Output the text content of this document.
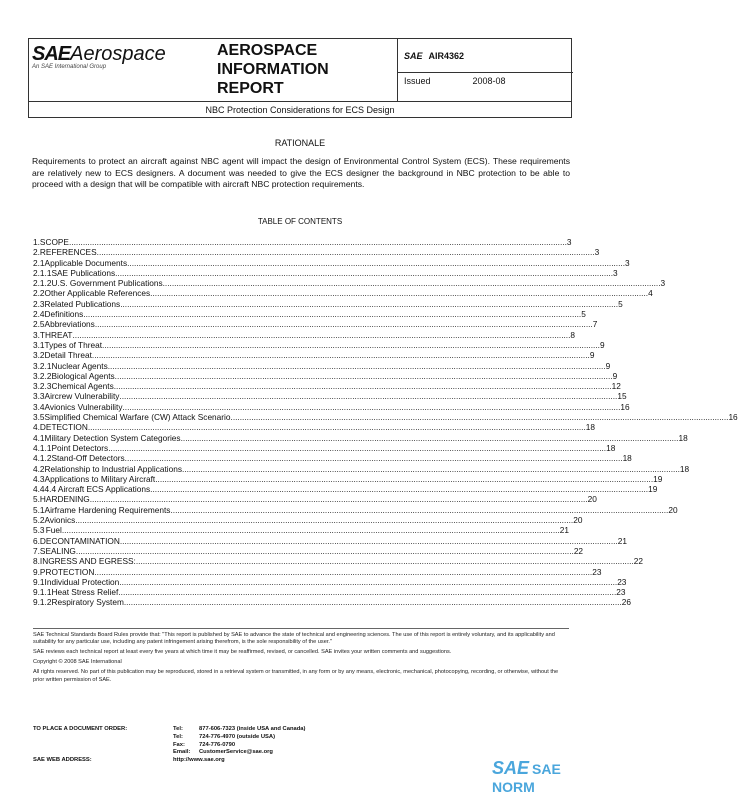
SAEAerospace
An SAE International Group
AEROSPACE
INFORMATION
REPORT
SAE AIR4362
Issued	2008-08
NBC Protection Considerations for ECS Design
RATIONALE
Requirements to protect an aircraft against NBC agent will impact the design of Environmental Control System (ECS). These requirements are relatively new to ECS designers. A document was needed to give the ECS designer the background in NBC protection to be able to proceed with a design that will be compatible with aircraft NBC protection requirements.
TABLE OF CONTENTS
1. SCOPE .....	3
2. REFERENCES .....	3
2.1 Applicable Documents .....	3
2.1.1 SAE Publications .....	3
2.1.2 U.S. Government Publications .....	3
2.2 Other Applicable References .....	4
2.3 Related Publications .....	5
2.4 Definitions .....	5
2.5 Abbreviations .....	7
3. THREAT .....	8
3.1 Types of Threat .....	9
3.2 Detail Threat .....	9
3.2.1 Nuclear Agents .....	9
3.2.2 Biological Agents .....	9
3.2.3 Chemical Agents .....	12
3.3 Aircrew Vulnerability .....	15
3.4 Avionics Vulnerability .....	16
3.5 Simplified Chemical Warfare (CW) Attack Scenario .....	16
4. DETECTION .....	18
4.1 Military Detection System Categories .....	18
4.1.1 Point Detectors .....	18
4.1.2 Stand-Off Detectors .....	18
4.2 Relationship to Industrial Applications .....	18
4.3 Applications to Military Aircraft .....	19
4.4 4.4 Aircraft ECS Applications .....	19
5. HARDENING .....	20
5.1 Airframe Hardening Requirements .....	20
5.2 Avionics .....	20
5.3 Fuel .....	21
6. DECONTAMINATION .....	21
7. SEALING .....	22
8. INGRESS AND EGRESS: .....	22
9. PROTECTION .....	23
9.1 Individual Protection .....	23
9.1.1 Heat Stress Relief .....	23
9.1.2 Respiratory System .....	26

SAE Technical Standards Board Rules provide that: "This report is published by SAE to advance the state of technical and engineering sciences. The use of this report is entirely voluntary, and its applicability and suitability for any particular use, including any patent infringement arising therefrom, is the sole responsibility of the user."

SAE reviews each technical report at least every five years at which time it may be reaffirmed, revised, or cancelled. SAE invites your written comments and suggestions.

Copyright © 2008 SAE International

All rights reserved. No part of this publication may be reproduced, stored in a retrieval system or transmitted, in any form or by any means, electronic, mechanical, photocopying, recording, or otherwise, without the prior written permission of SAE.

TO PLACE A DOCUMENT ORDER:	Tel:	877-606-7323 (inside USA and Canada)
Tel:	724-776-4970 (outside USA)
Fax:	724-776-0790
Email:	CustomerService@sae.org
SAE WEB ADDRESS:	http://www.sae.org	SAE SAE NORM
